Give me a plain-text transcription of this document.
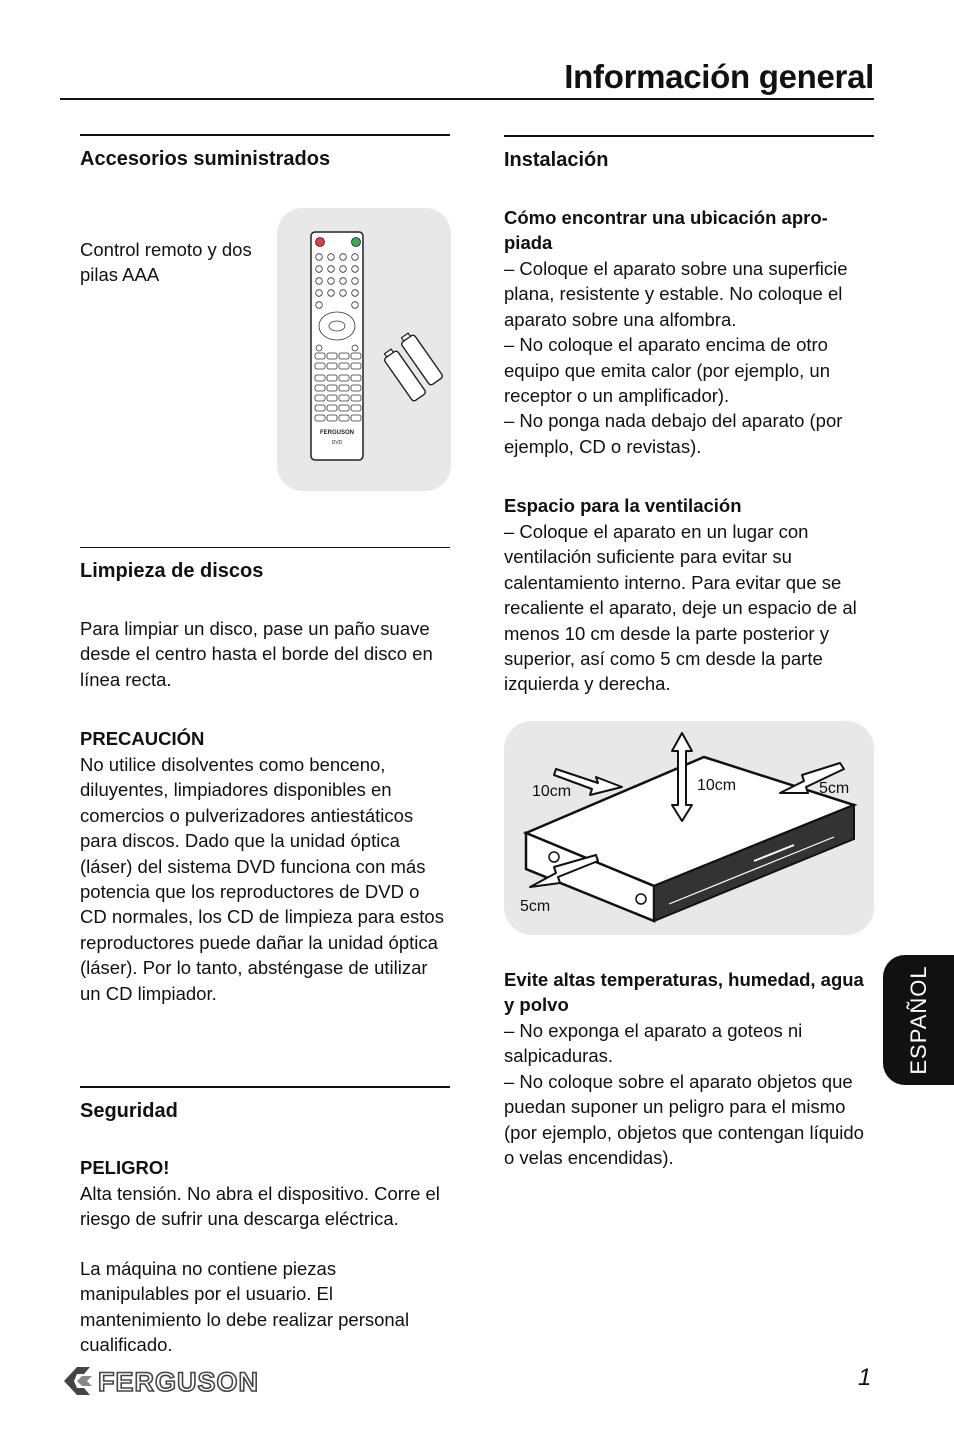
Información general
Accesorios suministrados

Control remoto y dos pilas AAA

FERGUSON
DVD
Limpieza de discos

Para limpiar un disco, pase un paño suave desde el centro hasta el borde del disco en línea recta.

PRECAUCIÓN

No utilice disolventes como benceno, diluyentes, limpiadores disponibles en comercios o pulverizadores antiestáticos para discos. Dado que la unidad óptica (láser) del sistema DVD funciona con más potencia que los reproductores de DVD o CD normales, los CD de limpieza para estos reproductores puede dañar la unidad óptica (láser). Por lo tanto, absténgase de utilizar un CD limpiador.

Seguridad

PELIGRO!

Alta tensión. No abra el dispositivo. Corre el riesgo de sufrir una descarga eléctrica.

La máquina no contiene piezas manipulables por el usuario. El mantenimiento lo debe realizar personal cualificado.

Instalación

Cómo encontrar una ubicación apro-piada

– Coloque el aparato sobre una superficie plana, resistente y estable. No coloque el aparato sobre una alfombra.
– No coloque el aparato encima de otro equipo que emita calor (por ejemplo, un receptor o un amplificador).
– No ponga nada debajo del aparato (por ejemplo, CD o revistas).

Espacio para la ventilación

– Coloque el aparato en un lugar con ventilación suficiente para evitar su calentamiento interno. Para evitar que se recaliente el aparato, deje un espacio de al menos 10 cm desde la parte posterior y superior, así como 5 cm desde la parte izquierda y derecha.

10cm	10cm	5cm
5cm

Evite altas temperaturas, humedad, agua y polvo

– No exponga el aparato a goteos ni salpicaduras.
– No coloque sobre el aparato objetos que puedan suponer un peligro para el mismo (por ejemplo, objetos que contengan líquido o velas encendidas).

ESPAÑOL
FERGUSON	1
